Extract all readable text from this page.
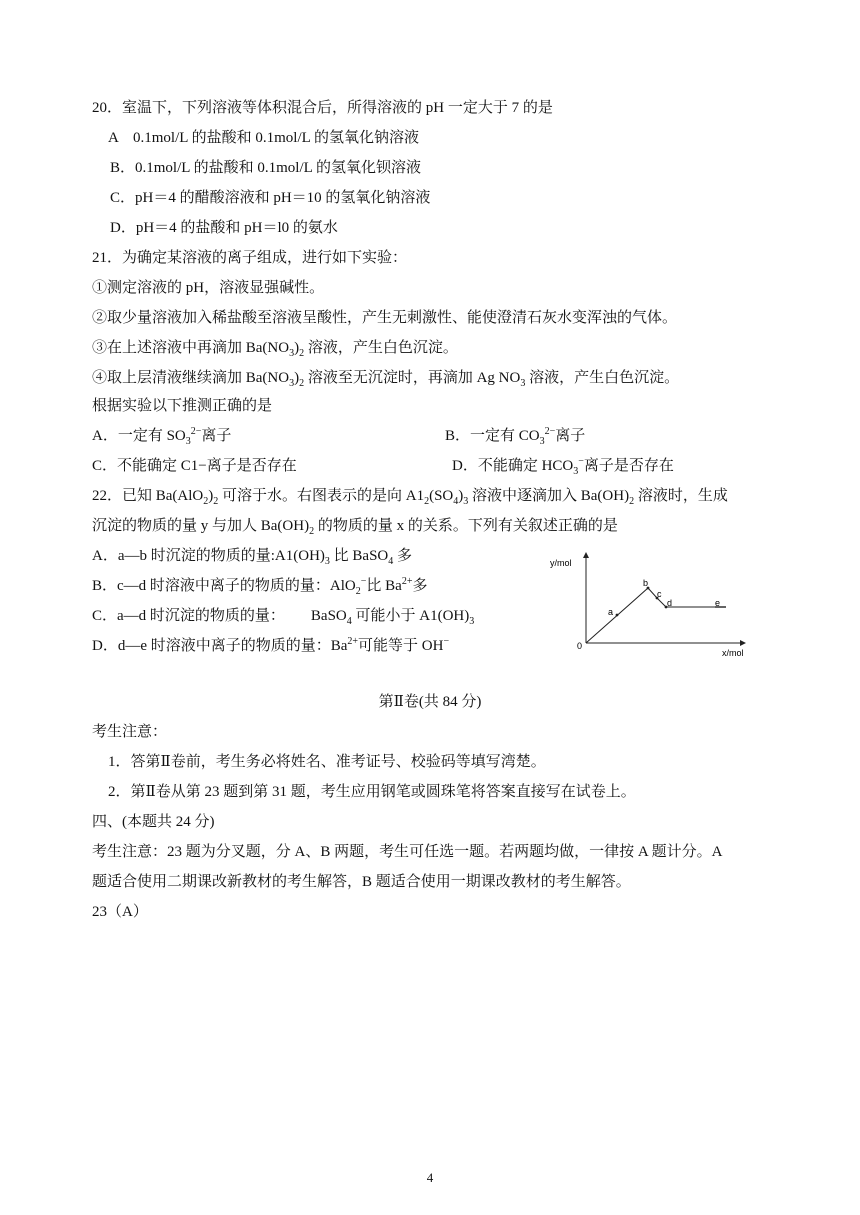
20．室温下，下列溶液等体积混合后，所得溶液的 pH 一定大于 7 的是
A　0.1mol/L 的盐酸和 0.1mol/L 的氢氧化钠溶液
B．0.1mol/L 的盐酸和 0.1mol/L 的氢氧化钡溶液
C．pH＝4 的醋酸溶液和 pH＝10 的氢氧化钠溶液
D．pH＝4 的盐酸和 pH＝l0 的氨水
21．为确定某溶液的离子组成，进行如下实验：
①测定溶液的 pH，溶液显强碱性。
②取少量溶液加入稀盐酸至溶液呈酸性，产生无刺激性、能使澄清石灰水变浑浊的气体。
③在上述溶液中再滴加 $Ba(NO_3)_2$ 溶液，产生白色沉淀。
④取上层清液继续滴加 $Ba(NO_3)_2$ 溶液至无沉淀时，再滴加 Ag $NO_3$ 溶液，产生白色沉淀。
根据实验以下推测正确的是
A．一定有 $SO_3^{2-}$离子	B．一定有 $CO_3^{2-}$离子
C．不能确定 C1−离子是否存在	D．不能确定 $HCO_3^-$离子是否存在
22．已知 $Ba(AlO_2)_2$ 可溶于水。右图表示的是向 $A1_2(SO_4)_3$ 溶液中逐滴加入 $Ba(OH)_2$ 溶液时，生成
沉淀的物质的量 y 与加人 $Ba(OH)_2$ 的物质的量 x 的关系。下列有关叙述正确的是
A．a—b 时沉淀的物质的量$:A1(OH)_3$ 比 BaSO$_4$ 多
B．c—d 时溶液中离子的物质的量：AlO$_2$−比 $Ba^{2+}$多
C．a—d 时沉淀的物质的量： BaSO$_4$ 可能小于 $A1(OH)_3$
D．d—e 时溶液中离子的物质的量：$Ba^{2+}$可能等于 OH−
y/mol
x/mol
0
a
b
c
d	e
第Ⅱ卷(共 84 分)
考生注意：
1．答第Ⅱ卷前，考生务必将姓名、准考证号、校验码等填写湾楚。
2．第Ⅱ卷从第 23 题到第 31 题，考生应用钢笔或圆珠笔将答案直接写在试卷上。
四、(本题共 24 分)
考生注意：23 题为分叉题，分 A、B 两题，考生可任选一题。若两题均做，一律按 A 题计分。A
题适合使用二期课改新教材的考生解答，B 题适合使用一期课改教材的考生解答。
23（A）
4
